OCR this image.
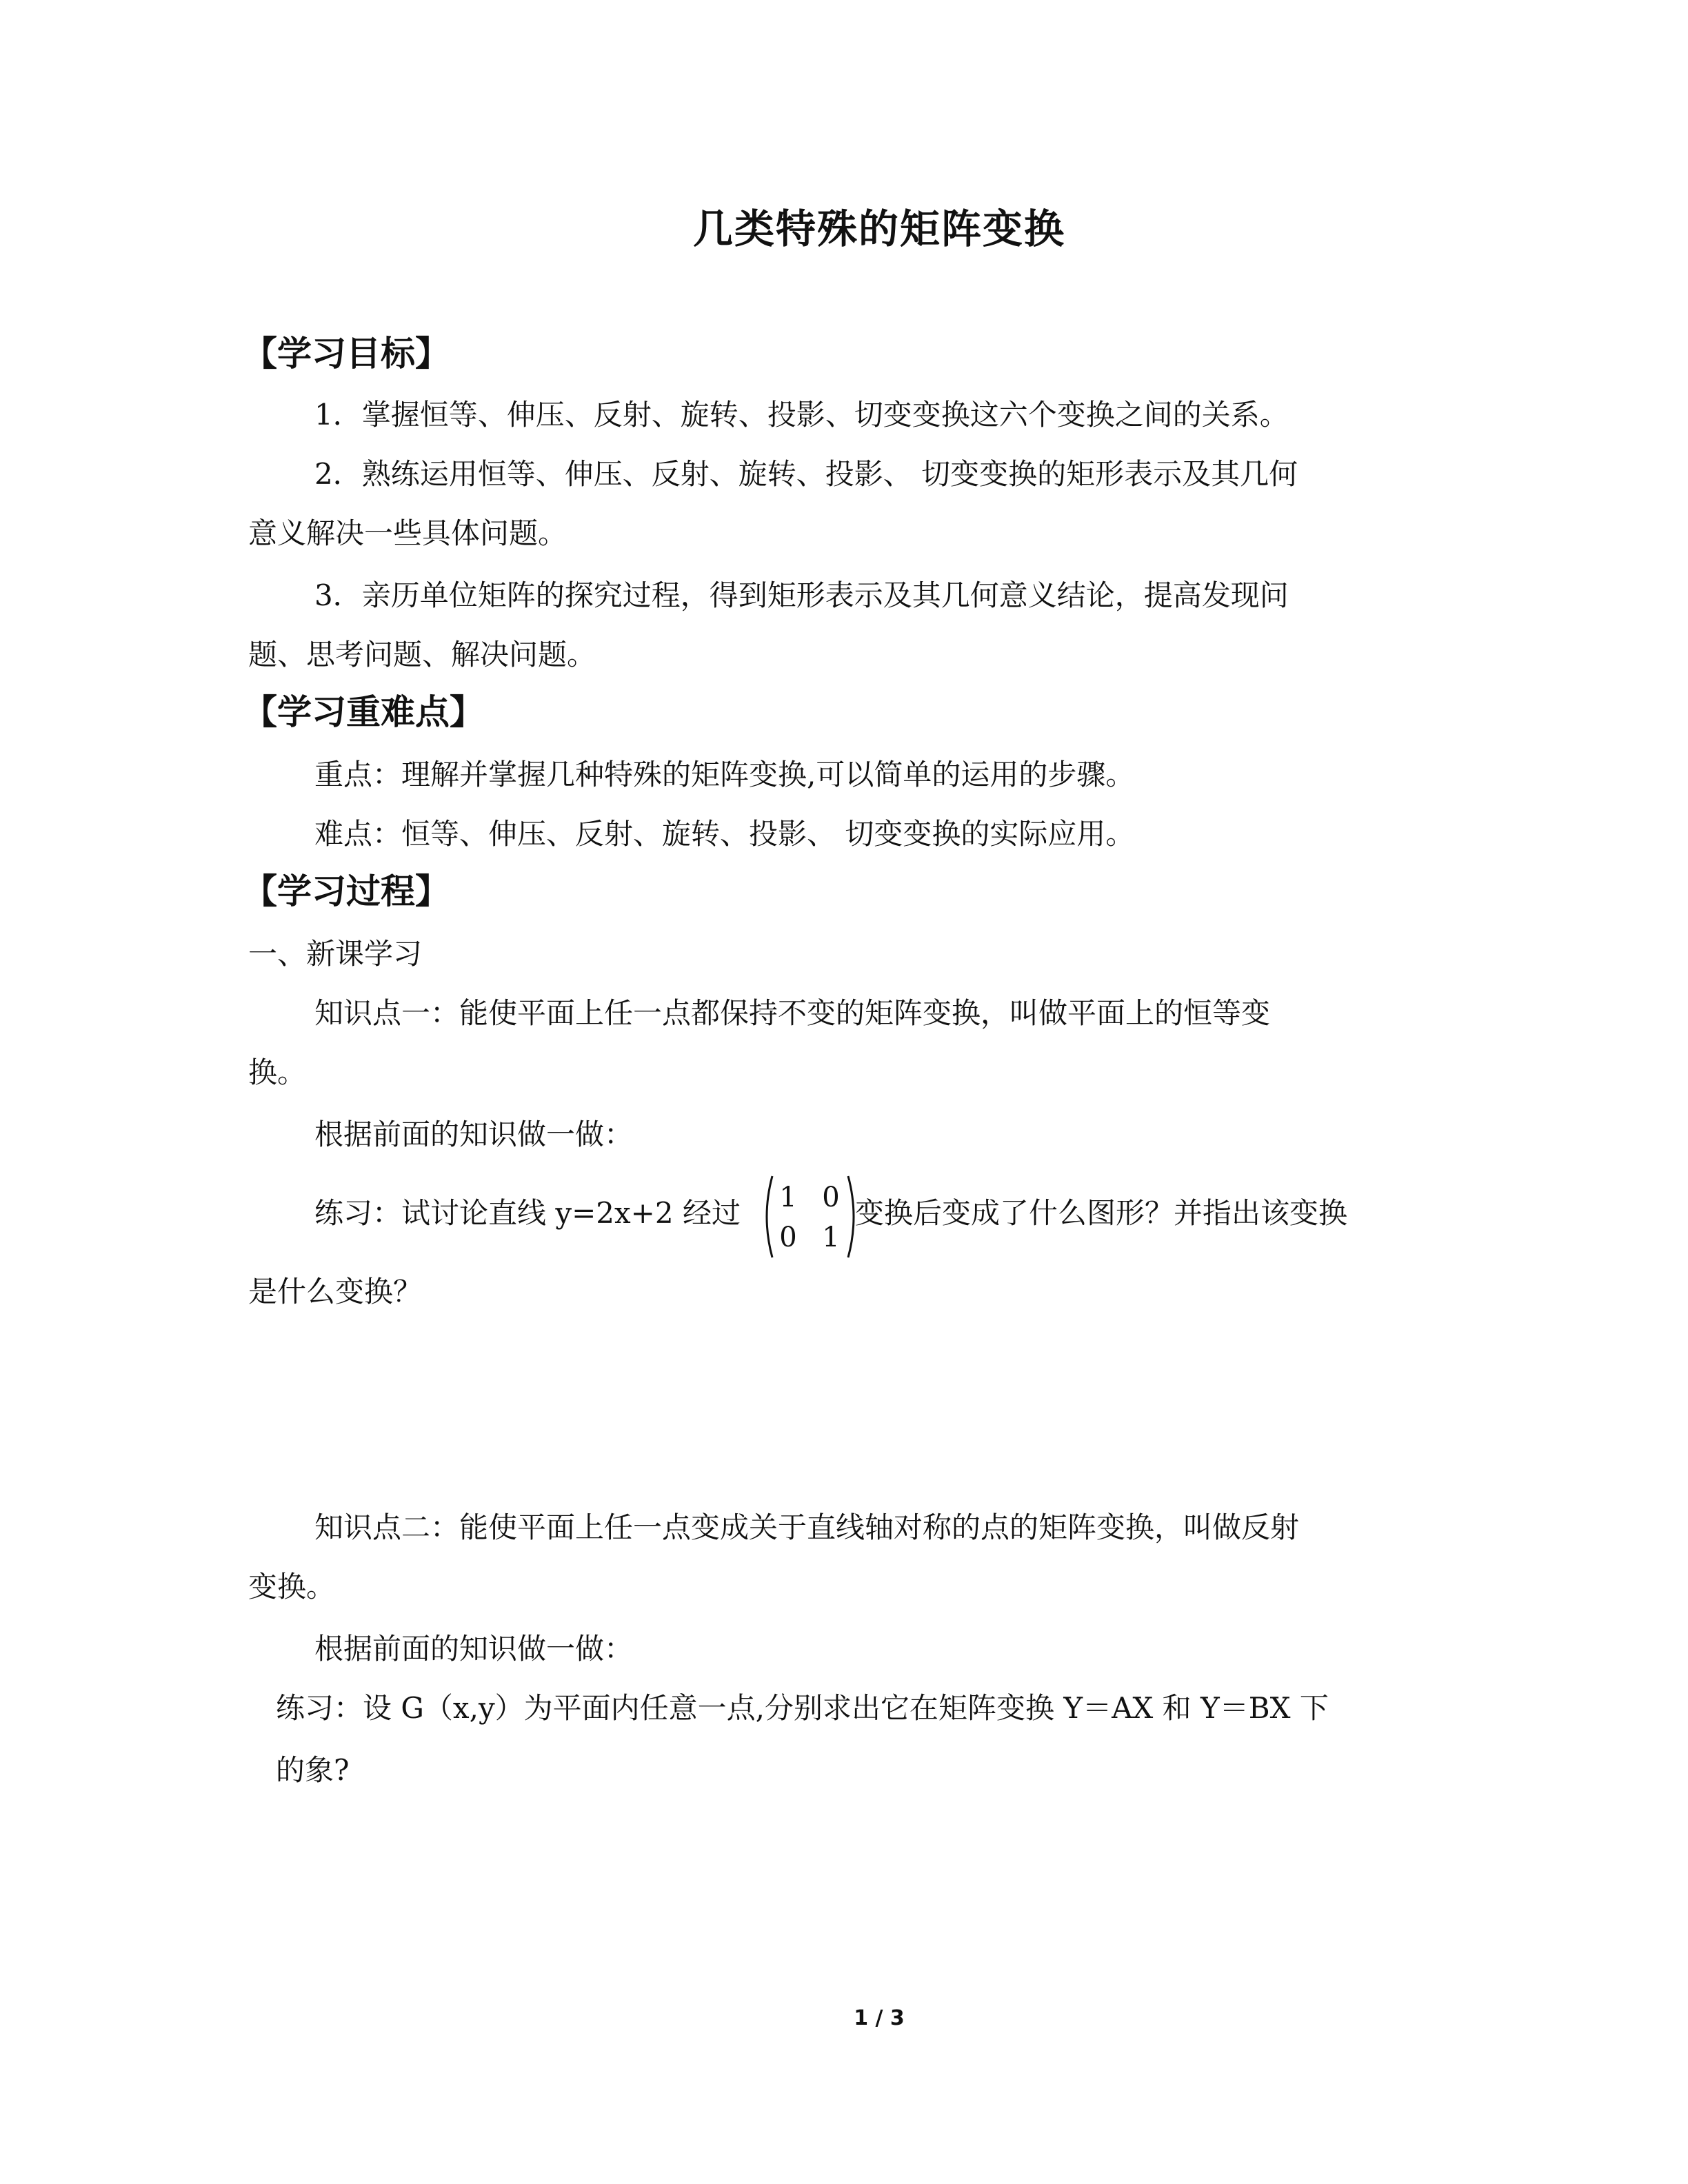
几类特殊的矩阵变换
【学习目标】
1．掌握恒等、伸压、反射、旋转、投影、切变变换这六个变换之间的关系。
2．熟练运用恒等、伸压、反射、旋转、投影、 切变变换的矩形表示及其几何
意义解决一些具体问题。
3．亲历单位矩阵的探究过程，得到矩形表示及其几何意义结论，提高发现问
题、思考问题、解决问题。
【学习重难点】
重点：理解并掌握几种特殊的矩阵变换,可以简单的运用的步骤。
难点：恒等、伸压、反射、旋转、投影、 切变变换的实际应用。
【学习过程】
一、新课学习
知识点一：能使平面上任一点都保持不变的矩阵变换，叫做平面上的恒等变
换。
根据前面的知识做一做：
练习：试讨论直线 y=2x+2 经过 1 0
0 1
变换后变成了什么图形？并指出该变换
是什么变换？
知识点二：能使平面上任一点变成关于直线轴对称的点的矩阵变换，叫做反射
变换。
根据前面的知识做一做：
练习：设 G（x,y）为平面内任意一点,分别求出它在矩阵变换 Y＝AX 和 Y＝BX 下
的象?
1 / 3
